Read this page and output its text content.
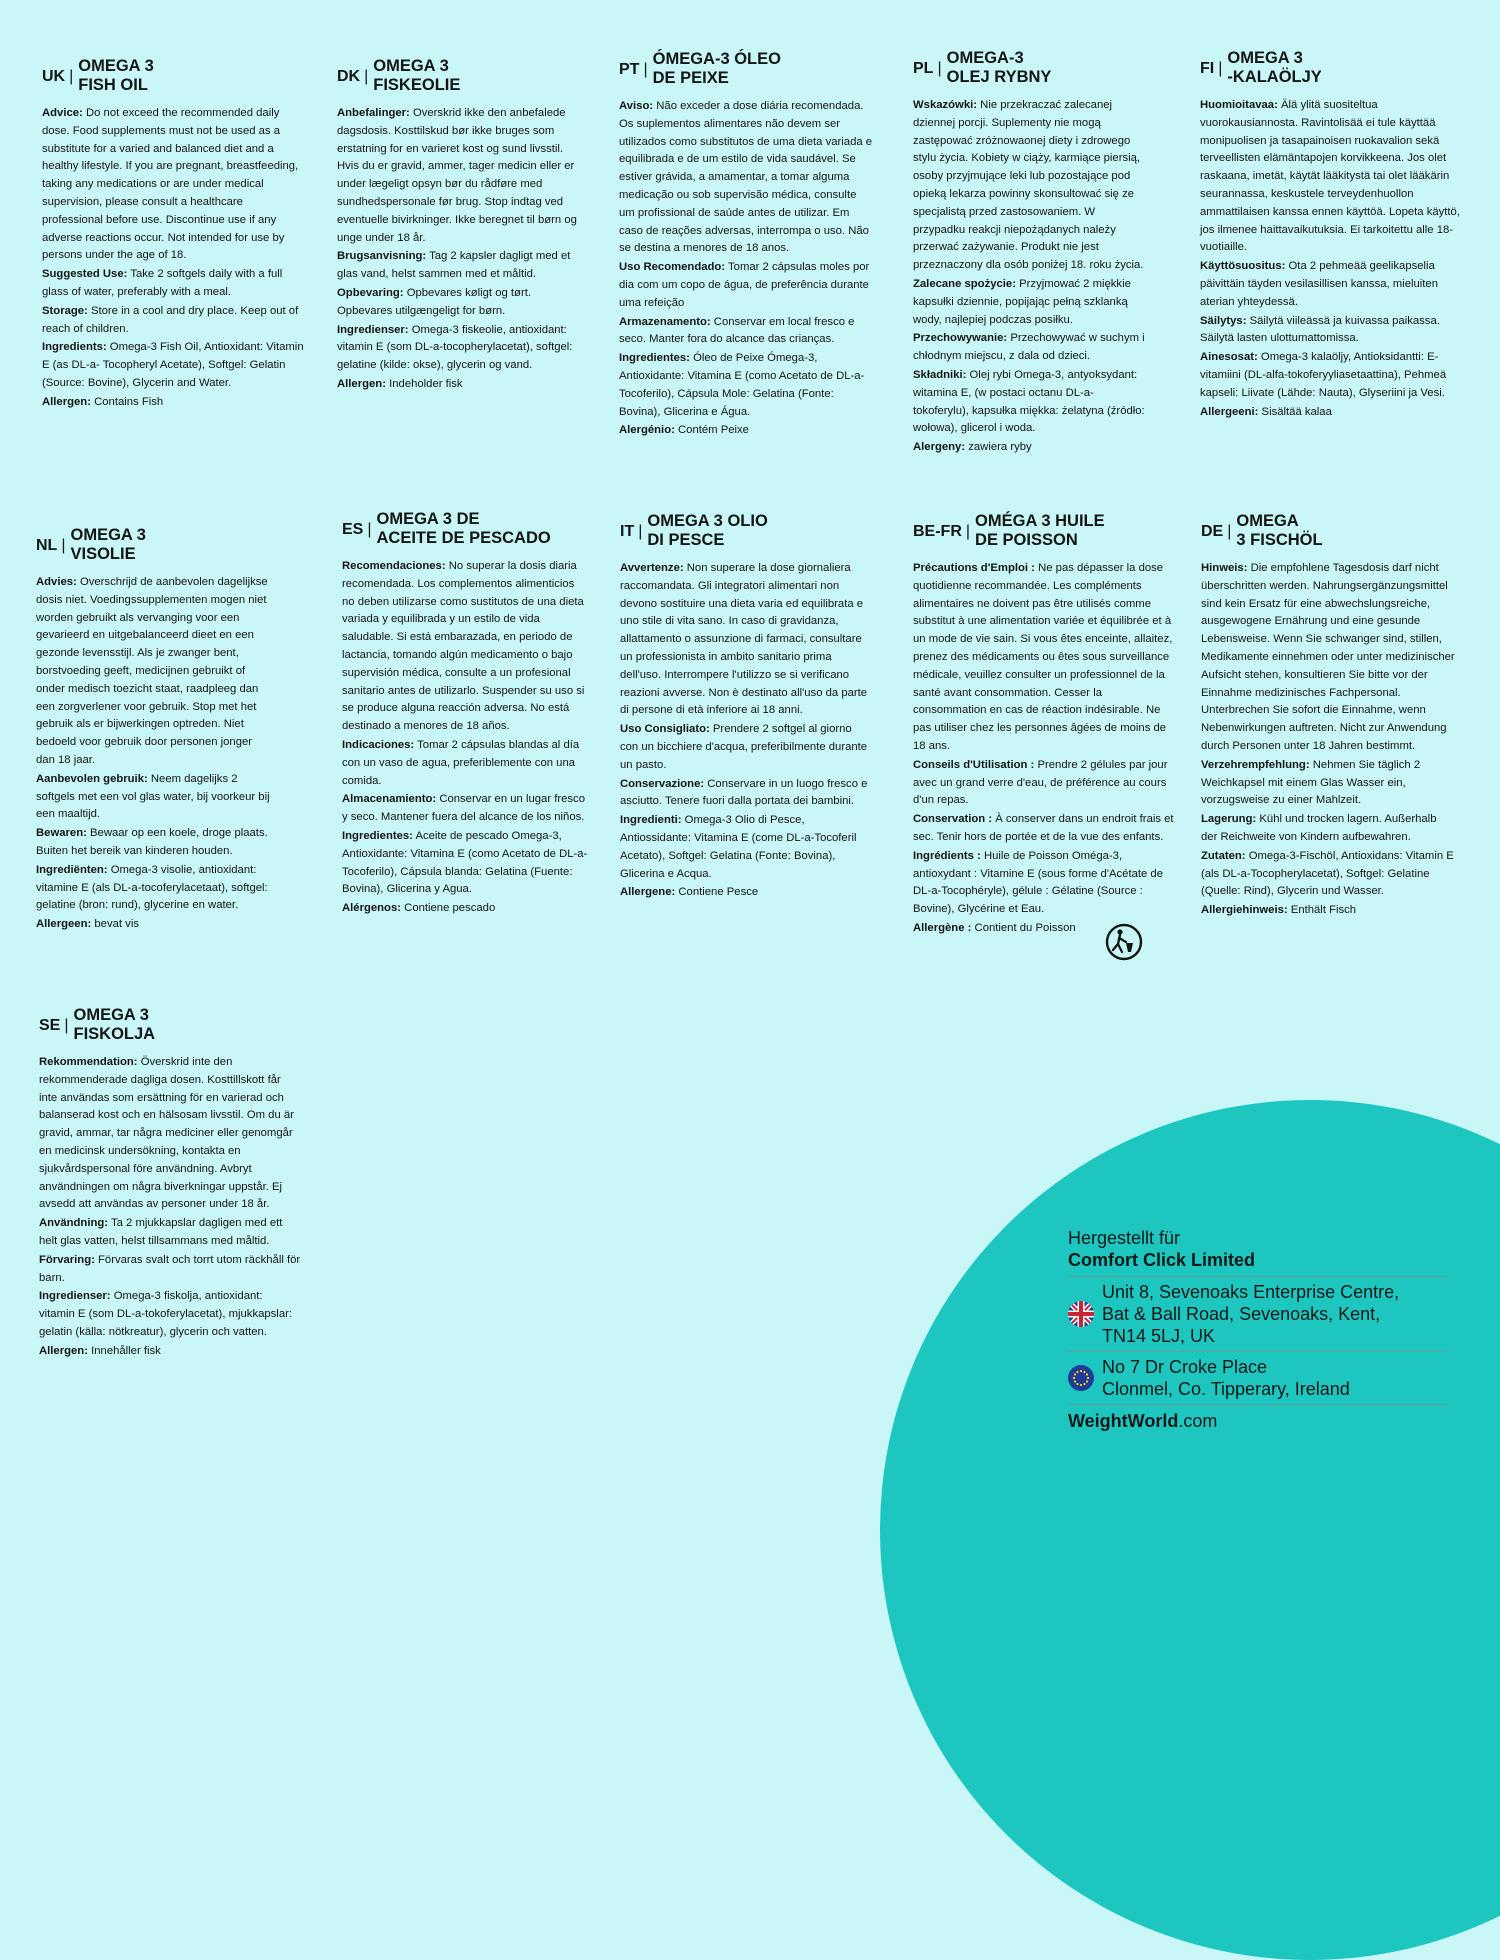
UK |
OMEGA 3
FISH OIL
Advice: Do not exceed the recommended daily dose. Food supplements must not be used as a substitute for a varied and balanced diet and a healthy lifestyle. If you are pregnant, breastfeeding, taking any medications or are under medical supervision, please consult a healthcare professional before use. Discontinue use if any adverse reactions occur. Not intended for use by persons under the age of 18.
Suggested Use: Take 2 softgels daily with a full glass of water, preferably with a meal.
Storage: Store in a cool and dry place. Keep out of reach of children.
Ingredients: Omega-3 Fish Oil, Antioxidant: Vitamin E (as DL-a- Tocopheryl Acetate), Softgel: Gelatin (Source: Bovine), Glycerin and Water.
Allergen: Contains Fish
DK |
OMEGA 3
FISKEOLIE
Anbefalinger: Overskrid ikke den anbefalede dagsdosis. Kosttilskud bør ikke bruges som erstatning for en varieret kost og sund livsstil. Hvis du er gravid, ammer, tager medicin eller er under lægeligt opsyn bør du rådføre med sundhedspersonale før brug. Stop indtag ved eventuelle bivirkninger. Ikke beregnet til børn og unge under 18 år.
Brugsanvisning: Tag 2 kapsler dagligt med et glas vand, helst sammen med et måltid.
Opbevaring: Opbevares køligt og tørt. Opbevares utilgængeligt for børn.
Ingredienser: Omega-3 fiskeolie, antioxidant: vitamin E (som DL-a-tocopherylacetat), softgel: gelatine (kilde: okse), glycerin og vand.
Allergen: Indeholder fisk
PT |
ÓMEGA-3 ÓLEO
DE PEIXE
Aviso: Não exceder a dose diária recomendada. Os suplementos alimentares não devem ser utilizados como substitutos de uma dieta variada e equilibrada e de um estilo de vida saudável. Se estiver grávida, a amamentar, a tomar alguma medicação ou sob supervisão médica, consulte um profissional de saúde antes de utilizar. Em caso de reações adversas, interrompa o uso. Não se destina a menores de 18 anos.
Uso Recomendado: Tomar 2 cápsulas moles por dia com um copo de água, de preferência durante uma refeição
Armazenamento: Conservar em local fresco e seco. Manter fora do alcance das crianças.
Ingredientes: Óleo de Peixe Ómega-3, Antioxidante: Vitamina E (como Acetato de DL-a-Tocoferilo), Cápsula Mole: Gelatina (Fonte: Bovina), Glicerina e Água.
Alergénio: Contém Peixe
PL |
OMEGA-3
OLEJ RYBNY
Wskazówki: Nie przekraczać zalecanej dziennej porcji. Suplementy nie mogą zastępować zróżnowaonej diety i zdrowego stylu życia. Kobiety w ciąży, karmiące piersią, osoby przyjmujące leki lub pozostające pod opieką lekarza powinny skonsultować się ze specjalistą przed zastosowaniem. W przypadku reakcji niepożądanych należy przerwać zażywanie. Produkt nie jest przeznaczony dla osób poniżej 18. roku życia.
Zalecane spożycie: Przyjmować 2 miękkie kapsułki dziennie, popijając pełną szklanką wody, najlepiej podczas posiłku.
Przechowywanie: Przechowywać w suchym i chłodnym miejscu, z dala od dzieci.
Składniki: Olej rybi Omega-3, antyoksydant: witamina E, (w postaci octanu DL-a-tokoferylu), kapsułka miękka: żelatyna (źródło: wołowa), glicerol i woda.
Alergeny: zawiera ryby
FI |
OMEGA 3
-KALAÖLJY
Huomioitavaa: Älä ylitä suositeltua vuorokausiannosta. Ravintolisää ei tule käyttää monipuolisen ja tasapainoisen ruokavalion sekä terveellisten elämäntapojen korvikkeena. Jos olet raskaana, imetät, käytät lääkitystä tai olet lääkärin seurannassa, keskustele terveydenhuollon ammattilaisen kanssa ennen käyttöä. Lopeta käyttö, jos ilmenee haittavaikutuksia. Ei tarkoitettu alle 18-vuotiaille.
Käyttösuositus: Ota 2 pehmeää geelikapselia päivittäin täyden vesilasillisen kanssa, mieluiten aterian yhteydessä.
Säilytys: Säilytä viileässä ja kuivassa paikassa. Säilytä lasten ulottumattomissa.
Ainesosat: Omega-3 kalaöljy, Antioksidantti: E-vitamiini (DL-alfa-tokoferyyliasetaattina), Pehmeä kapseli: Liivate (Lähde: Nauta), Glyseriini ja Vesi.
Allergeeni: Sisältää kalaa
NL |
OMEGA 3
VISOLIE
Advies: Overschrijd de aanbevolen dagelijkse dosis niet. Voedingssupplementen mogen niet worden gebruikt als vervanging voor een gevarieerd en uitgebalanceerd dieet en een gezonde levensstijl. Als je zwanger bent, borstvoeding geeft, medicijnen gebruikt of onder medisch toezicht staat, raadpleeg dan een zorgverlener voor gebruik. Stop met het gebruik als er bijwerkingen optreden. Niet bedoeld voor gebruik door personen jonger dan 18 jaar.
Aanbevolen gebruik: Neem dagelijks 2 softgels met een vol glas water, bij voorkeur bij een maaltijd.
Bewaren: Bewaar op een koele, droge plaats. Buiten het bereik van kinderen houden.
Ingrediënten: Omega-3 visolie, antioxidant: vitamine E (als DL-a-tocoferylacetaat), softgel: gelatine (bron: rund), glycerine en water.
Allergeen: bevat vis
ES |
OMEGA 3 DE
ACEITE DE PESCADO
Recomendaciones: No superar la dosis diaria recomendada. Los complementos alimenticios no deben utilizarse como sustitutos de una dieta variada y equilibrada y un estilo de vida saludable. Si está embarazada, en periodo de lactancia, tomando algún medicamento o bajo supervisión médica, consulte a un profesional sanitario antes de utilizarlo. Suspender su uso si se produce alguna reacción adversa. No está destinado a menores de 18 años.
Indicaciones: Tomar 2 cápsulas blandas al día con un vaso de agua, preferiblemente con una comida.
Almacenamiento: Conservar en un lugar fresco y seco. Mantener fuera del alcance de los niños.
Ingredientes: Aceite de pescado Omega-3, Antioxidante: Vitamina E (como Acetato de DL-a-Tocoferilo), Cápsula blanda: Gelatina (Fuente: Bovina), Glicerina y Agua.
Alérgenos: Contiene pescado
IT |
OMEGA 3 OLIO
DI PESCE
Avvertenze: Non superare la dose giornaliera raccomandata. Gli integratori alimentari non devono sostituire una dieta varia ed equilibrata e uno stile di vita sano. In caso di gravidanza, allattamento o assunzione di farmaci, consultare un professionista in ambito sanitario prima dell'uso. Interrompere l'utilizzo se si verificano reazioni avverse. Non è destinato all'uso da parte di persone di età inferiore ai 18 anni.
Uso Consigliato: Prendere 2 softgel al giorno con un bicchiere d'acqua, preferibilmente durante un pasto.
Conservazione: Conservare in un luogo fresco e asciutto. Tenere fuori dalla portata dei bambini.
Ingredienti: Omega-3 Olio di Pesce, Antiossidante: Vitamina E (come DL-a-Tocoferil Acetato), Softgel: Gelatina (Fonte: Bovina), Glicerina e Acqua.
Allergene: Contiene Pesce
BE-FR |
OMÉGA 3 HUILE
DE POISSON
Précautions d'Emploi : Ne pas dépasser la dose quotidienne recommandée. Les compléments alimentaires ne doivent pas être utilisés comme substitut à une alimentation variée et équilibrée et à un mode de vie sain. Si vous êtes enceinte, allaitez, prenez des médicaments ou êtes sous surveillance médicale, veuillez consulter un professionnel de la santé avant consommation. Cesser la consommation en cas de réaction indésirable. Ne pas utiliser chez les personnes âgées de moins de 18 ans.
Conseils d'Utilisation : Prendre 2 gélules par jour avec un grand verre d'eau, de préférence au cours d'un repas.
Conservation : À conserver dans un endroit frais et sec. Tenir hors de portée et de la vue des enfants.
Ingrédients : Huile de Poisson Oméga-3, antioxydant : Vitamine E (sous forme d'Acétate de DL-a-Tocophéryle), gélule : Gélatine (Source : Bovine), Glycérine et Eau.
Allergène : Contient du Poisson
DE |
OMEGA
3 FISCHÖL
Hinweis: Die empfohlene Tagesdosis darf nicht überschritten werden. Nahrungsergänzungsmittel sind kein Ersatz für eine abwechslungsreiche, ausgewogene Ernährung und eine gesunde Lebensweise. Wenn Sie schwanger sind, stillen, Medikamente einnehmen oder unter medizinischer Aufsicht stehen, konsultieren Sie bitte vor der Einnahme medizinisches Fachpersonal. Unterbrechen Sie sofort die Einnahme, wenn Nebenwirkungen auftreten. Nicht zur Anwendung durch Personen unter 18 Jahren bestimmt.
Verzehrempfehlung: Nehmen Sie täglich 2 Weichkapsel mit einem Glas Wasser ein, vorzugsweise zu einer Mahlzeit.
Lagerung: Kühl und trocken lagern. Außerhalb der Reichweite von Kindern aufbewahren.
Zutaten: Omega-3-Fischöl, Antioxidans: Vitamin E (als DL-a-Tocopherylacetat), Softgel: Gelatine (Quelle: Rind), Glycerin und Wasser.
Allergiehinweis: Enthält Fisch
SE |
OMEGA 3
FISKOLJA
Rekommendation: Överskrid inte den rekommenderade dagliga dosen. Kosttillskott får inte användas som ersättning för en varierad och balanserad kost och en hälsosam livsstil. Om du är gravid, ammar, tar några mediciner eller genomgår en medicinsk undersökning, kontakta en sjukvårdspersonal före användning. Avbryt användningen om några biverkningar uppstår. Ej avsedd att användas av personer under 18 år.
Användning: Ta 2 mjukkapslar dagligen med ett helt glas vatten, helst tillsammans med måltid.
Förvaring: Förvaras svalt och torrt utom räckhåll för barn.
Ingredienser: Omega-3 fiskolja, antioxidant: vitamin E (som DL-a-tokoferylacetat), mjukkapslar: gelatin (källa: nötkreatur), glycerin och vatten.
Allergen: Innehåller fisk
Hergestellt für
Comfort Click Limited
Unit 8, Sevenoaks Enterprise Centre,
Bat & Ball Road, Sevenoaks, Kent,
TN14 5LJ, UK
No 7 Dr Croke Place
Clonmel, Co. Tipperary, Ireland
WeightWorld.com
